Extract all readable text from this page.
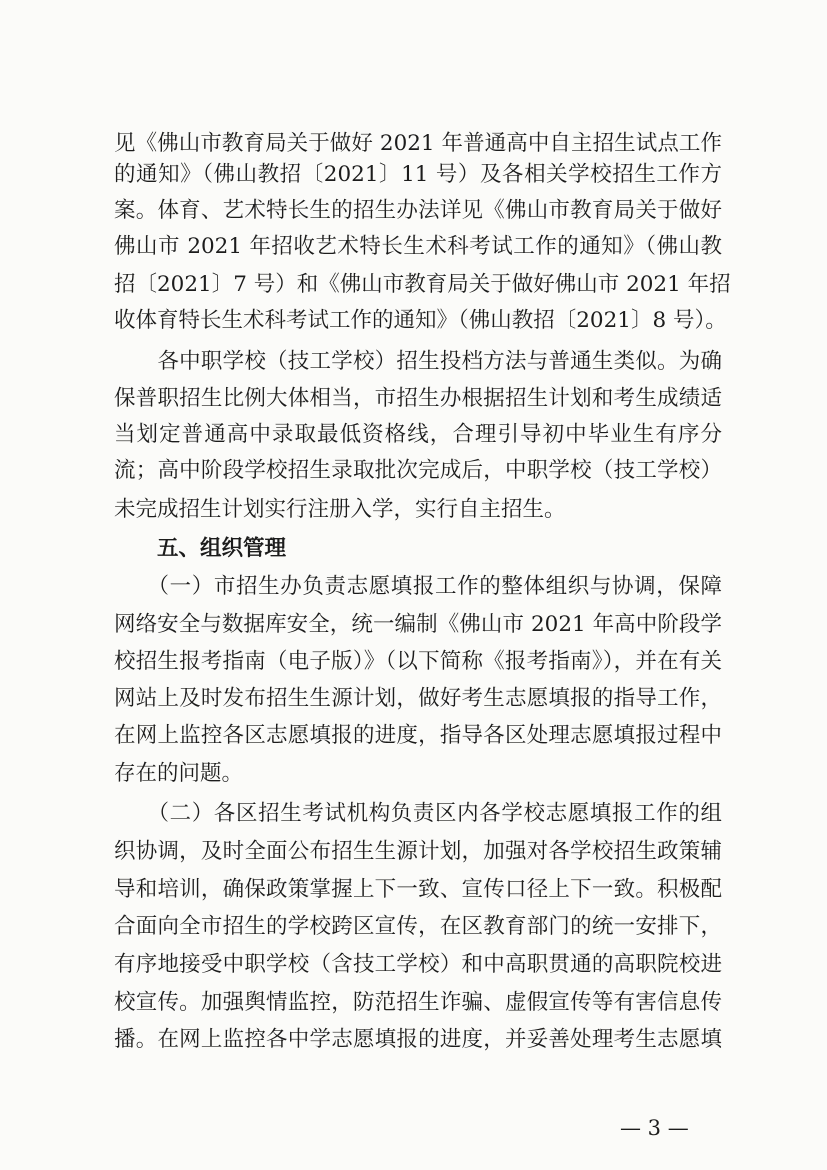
见《佛山市教育局关于做好 2021 年普通高中自主招生试点工作
的通知》（佛山教招〔2021〕11 号）及各相关学校招生工作方
案。体育、艺术特长生的招生办法详见《佛山市教育局关于做好
佛山市 2021 年招收艺术特长生术科考试工作的通知》（佛山教
招〔2021〕7 号）和《佛山市教育局关于做好佛山市 2021 年招
收体育特长生术科考试工作的通知》（佛山教招〔2021〕8 号）。
　　各中职学校（技工学校）招生投档方法与普通生类似。为确
保普职招生比例大体相当，市招生办根据招生计划和考生成绩适
当划定普通高中录取最低资格线，合理引导初中毕业生有序分
流；高中阶段学校招生录取批次完成后，中职学校（技工学校）
未完成招生计划实行注册入学，实行自主招生。
　　五、组织管理
　　（一）市招生办负责志愿填报工作的整体组织与协调，保障
网络安全与数据库安全，统一编制《佛山市 2021 年高中阶段学
校招生报考指南（电子版）》（以下简称《报考指南》），并在有关
网站上及时发布招生生源计划，做好考生志愿填报的指导工作，
在网上监控各区志愿填报的进度，指导各区处理志愿填报过程中
存在的问题。
　　（二）各区招生考试机构负责区内各学校志愿填报工作的组
织协调，及时全面公布招生生源计划，加强对各学校招生政策辅
导和培训，确保政策掌握上下一致、宣传口径上下一致。积极配
合面向全市招生的学校跨区宣传，在区教育部门的统一安排下，
有序地接受中职学校（含技工学校）和中高职贯通的高职院校进
校宣传。加强舆情监控，防范招生诈骗、虚假宣传等有害信息传
播。在网上监控各中学志愿填报的进度，并妥善处理考生志愿填
— 3 —
